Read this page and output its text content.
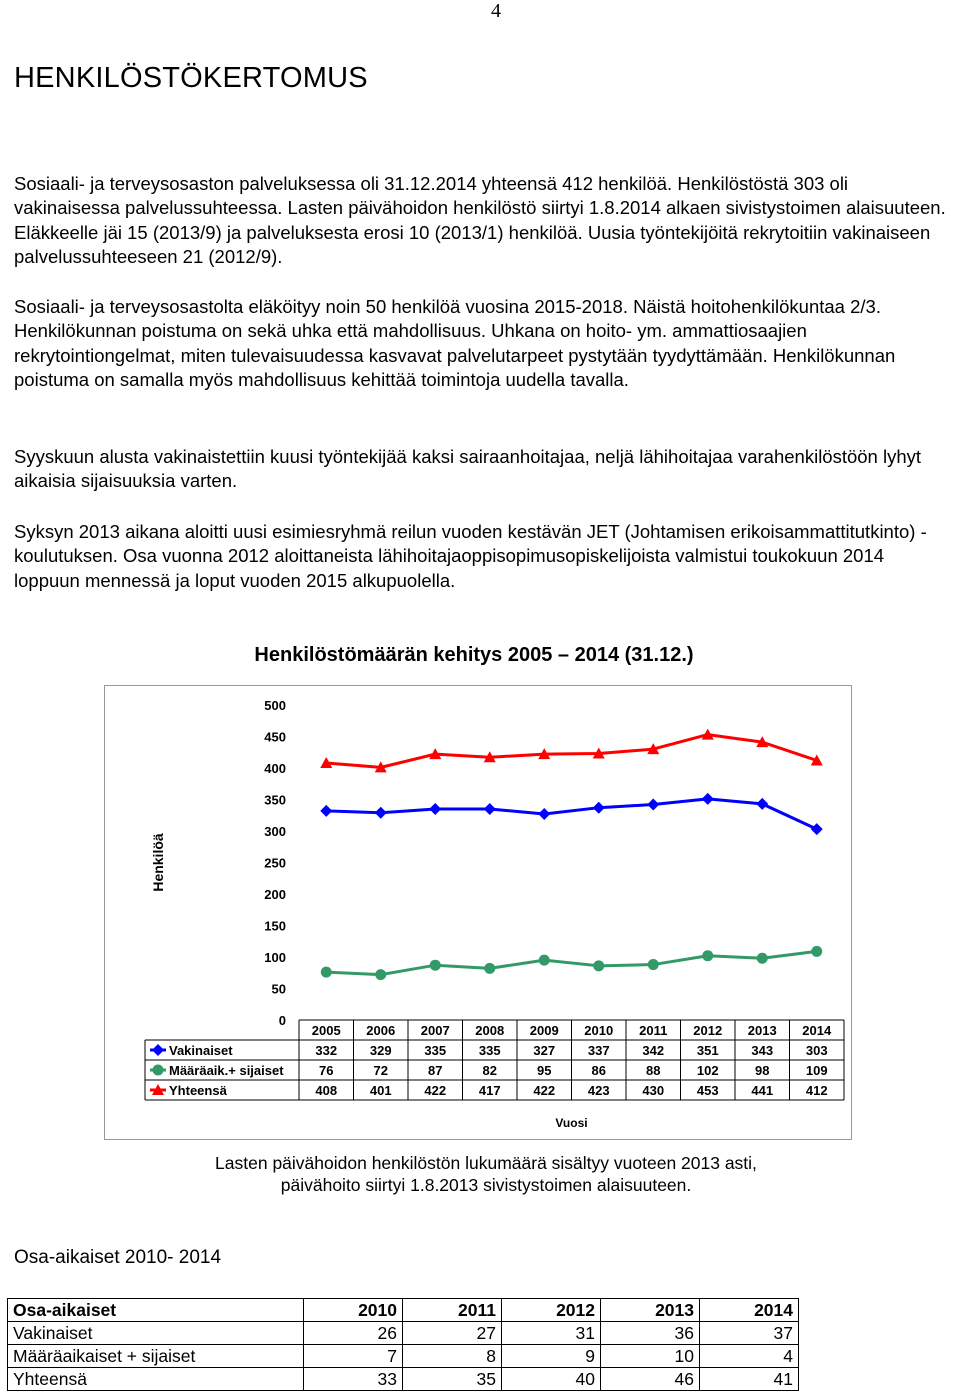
4
HENKILÖSTÖKERTOMUS

Sosiaali- ja terveysosaston palveluksessa oli 31.12.2014 yhteensä 412 henkilöä. Henkilöstöstä 303 oli vakinaisessa palvelussuhteessa. Lasten päivähoidon henkilöstö siirtyi 1.8.2014 alkaen sivistystoimen alaisuuteen. Eläkkeelle jäi 15 (2013/9) ja palveluksesta erosi 10 (2013/1) henkilöä. Uusia työntekijöitä rekrytoitiin vakinaiseen palvelussuhteeseen 21 (2012/9).

Sosiaali- ja terveysosastolta eläköityy noin 50 henkilöä vuosina 2015-2018. Näistä hoitohenkilökuntaa 2/3. Henkilökunnan poistuma on sekä uhka että mahdollisuus. Uhkana on hoito- ym. ammattiosaajien rekrytointiongelmat, miten tulevaisuudessa kasvavat palvelutarpeet pystytään tyydyttämään. Henkilökunnan poistuma on samalla myös mahdollisuus kehittää toimintoja uudella tavalla.

Syyskuun alusta vakinaistettiin kuusi työntekijää kaksi sairaanhoitajaa, neljä lähihoitajaa varahenkilöstöön lyhyt aikaisia sijaisuuksia varten.

Syksyn 2013 aikana aloitti uusi esimiesryhmä reilun vuoden kestävän JET (Johtamisen erikoisammattitutkinto) -koulutuksen. Osa vuonna 2012 aloittaneista lähihoitajaoppisopimusopiskelijoista valmistui toukokuun 2014 loppuun mennessä ja loput vuoden 2015 alkupuolella.

Henkilöstömäärän kehitys 2005 – 2014 (31.12.)
0
50
100
150
200
250
300
350
400
450
500
Henkilöä
2005 2006 2007 2008 2009 2010 2011 2012 2013 2014
Vakinaiset	332	329	335	335	327	337	342	351	343	303
Määräaik.+ sijaiset	76	72	87	82	95	86	88	102	98	109
Yhteensä	408	401	422	417	422	423	430	453	441	412
Vuosi
Lasten päivähoidon henkilöstön lukumäärä sisältyy vuoteen 2013 asti,
päivähoito siirtyi 1.8.2013 sivistystoimen alaisuuteen.
Osa-aikaiset 2010- 2014
Osa-aikaiset	2010	2011	2012	2013	2014
Vakinaiset	26	27	31	36	37
Määräaikaiset + sijaiset	7	8	9	10	4
Yhteensä	33	35	40	46	41
